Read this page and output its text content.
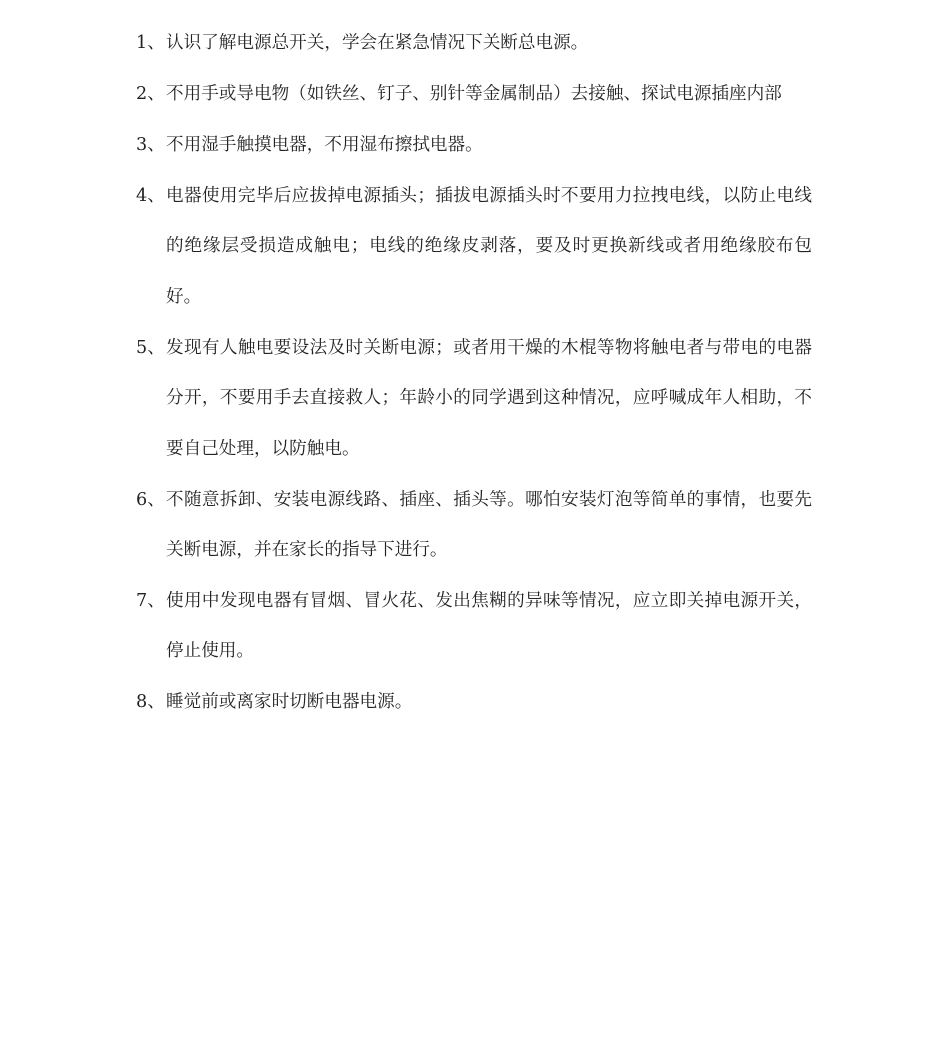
1、 认识了解电源总开关，学会在紧急情况下关断总电源。
2、 不用手或导电物（如铁丝、钉子、别针等金属制品）去接触、探试电源插座内部
3、 不用湿手触摸电器，不用湿布擦拭电器。
4、 电器使用完毕后应拔掉电源插头；插拔电源插头时不要用力拉拽电线，以防止电线的绝缘层受损造成触电；电线的绝缘皮剥落，要及时更换新线或者用绝缘胶布包好。
5、 发现有人触电要设法及时关断电源；或者用干燥的木棍等物将触电者与带电的电器分开，不要用手去直接救人；年龄小的同学遇到这种情况，应呼喊成年人相助，不要自己处理，以防触电。
6、 不随意拆卸、安装电源线路、插座、插头等。哪怕安装灯泡等简单的事情，也要先关断电源，并在家长的指导下进行。
7、 使用中发现电器有冒烟、冒火花、发出焦糊的异味等情况，应立即关掉电源开关，停止使用。
8、 睡觉前或离家时切断电器电源。
